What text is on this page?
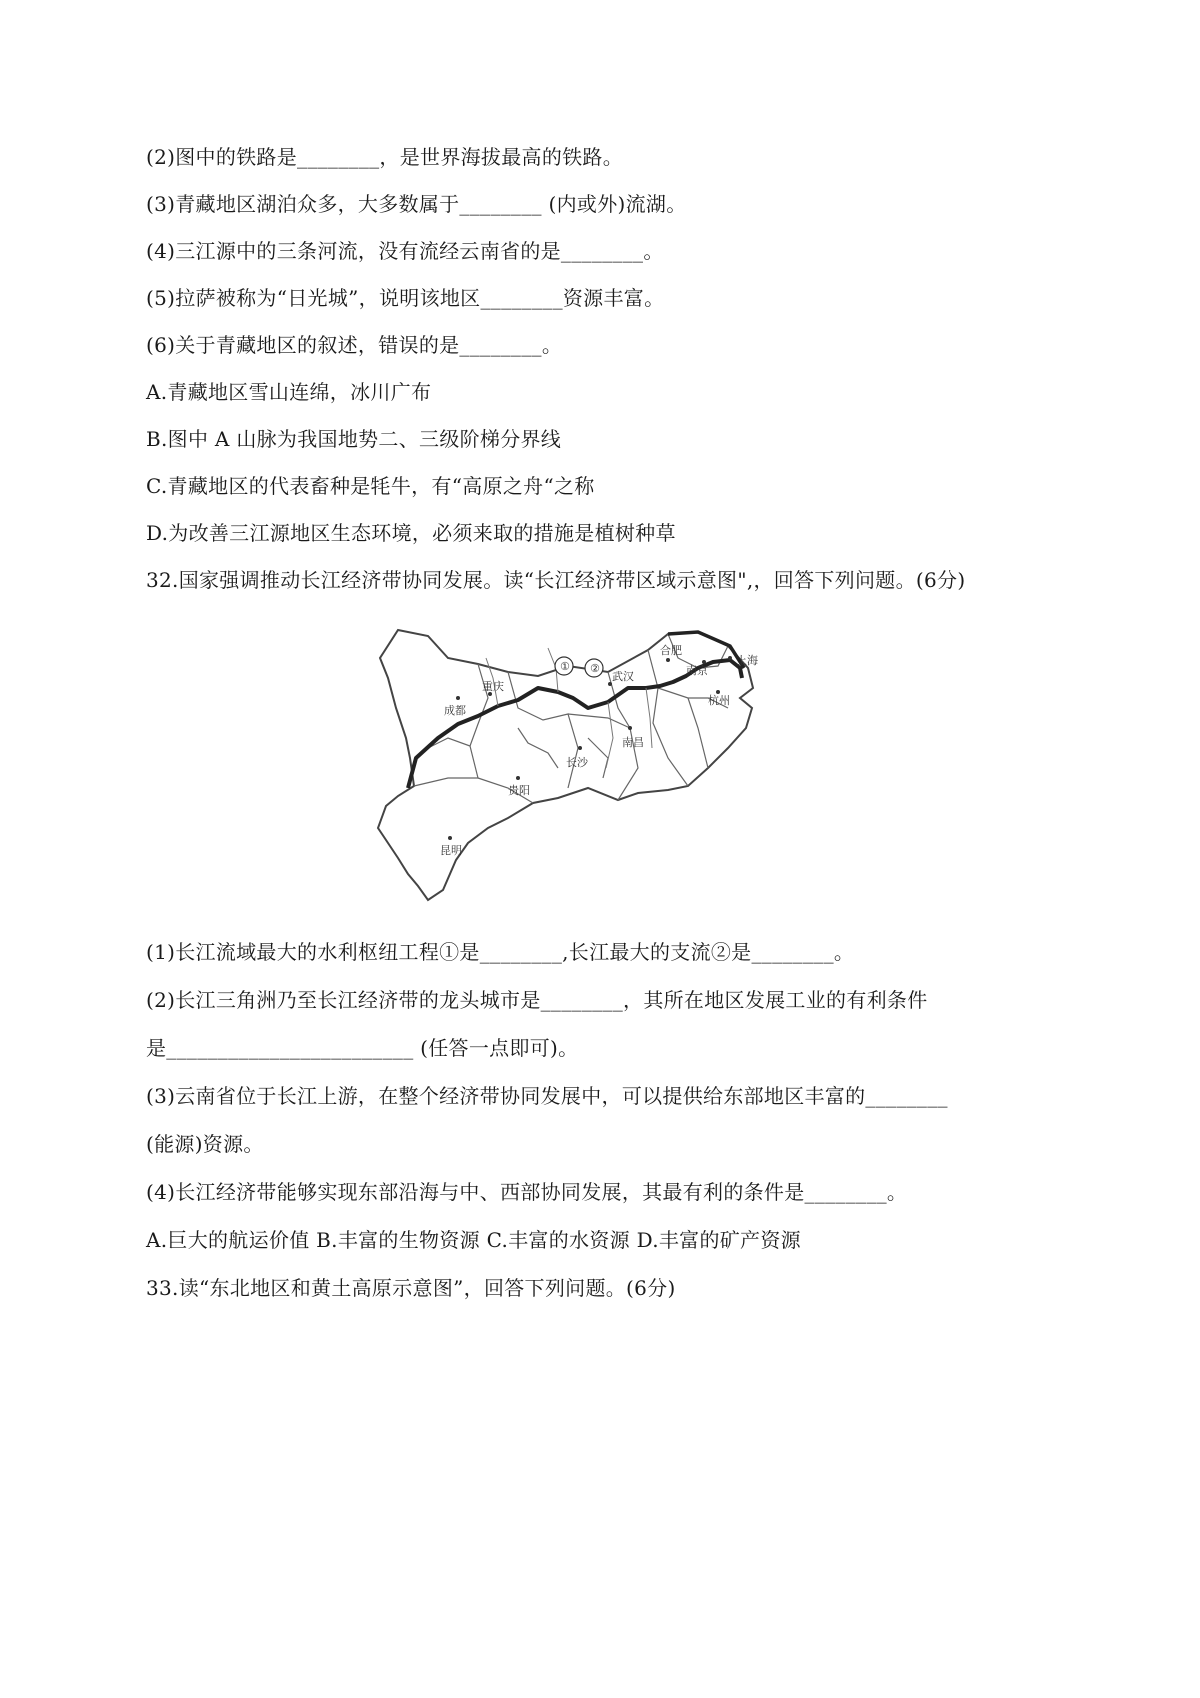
(2)图中的铁路是________，是世界海拔最高的铁路。
(3)青藏地区湖泊众多，大多数属于________ (内或外)流湖。
(4)三江源中的三条河流，没有流经云南省的是________。
(5)拉萨被称为“日光城”，说明该地区________资源丰富。
(6)关于青藏地区的叙述，错误的是________。
A.青藏地区雪山连绵，冰川广布
B.图中 A 山脉为我国地势二、三级阶梯分界线
C.青藏地区的代表畜种是牦牛，有“高原之舟“之称
D.为改善三江源地区生态环境，必须来取的措施是植树种草
32.国家强调推动长江经济带协同发展。读“长江经济带区域示意图",，回答下列问题。(6分)
① ②
成都
重庆
贵阳
昆明
长沙
南昌
武汉
合肥
南京
上海
杭州
(1)长江流域最大的水利枢纽工程①是________,长江最大的支流②是________。
(2)长江三角洲乃至长江经济带的龙头城市是________，其所在地区发展工业的有利条件
是________________________ (任答一点即可)。
(3)云南省位于长江上游，在整个经济带协同发展中，可以提供给东部地区丰富的________
(能源)资源。
(4)长江经济带能够实现东部沿海与中、西部协同发展，其最有利的条件是________。
A.巨大的航运价值 B.丰富的生物资源 C.丰富的水资源 D.丰富的矿产资源
33.读“东北地区和黄土高原示意图”，回答下列问题。(6分)
